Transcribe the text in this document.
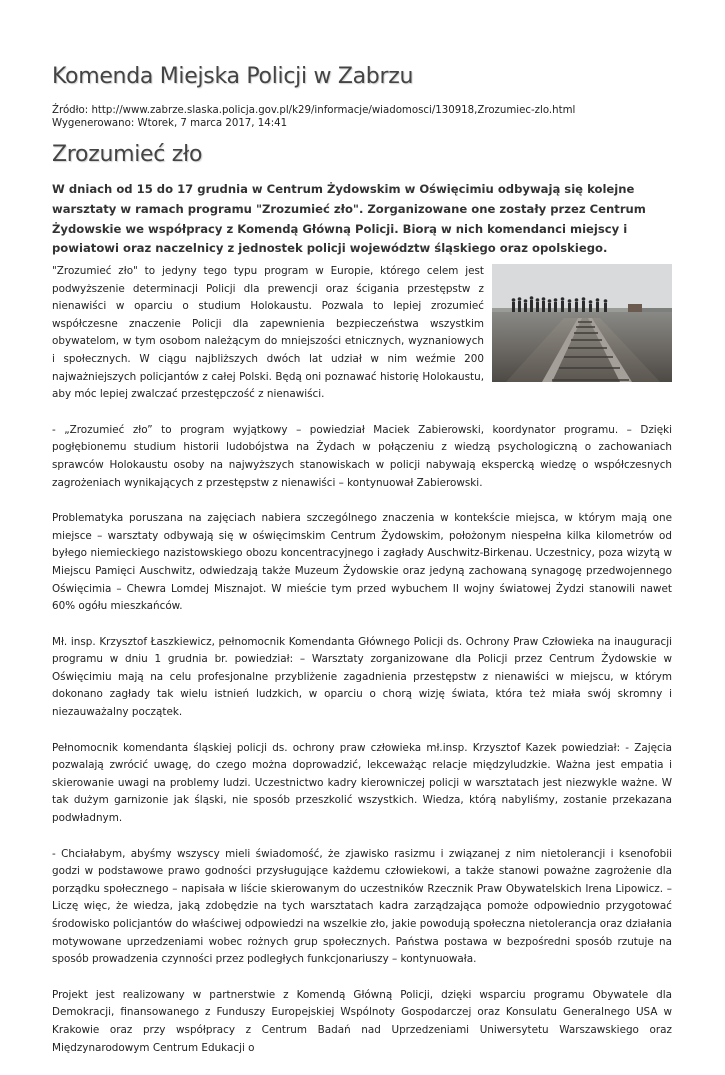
Komenda Miejska Policji w Zabrzu
Źródło: http://www.zabrze.slaska.policja.gov.pl/k29/informacje/wiadomosci/130918,Zrozumiec-zlo.html
Wygenerowano: Wtorek, 7 marca 2017, 14:41
Zrozumieć zło
W dniach od 15 do 17 grudnia w Centrum Żydowskim w Oświęcimiu odbywają się kolejne warsztaty w ramach programu "Zrozumieć zło". Zorganizowane one zostały przez Centrum Żydowskie we współpracy z Komendą Główną Policji. Biorą w nich komendanci miejscy i powiatowi oraz naczelnicy z jednostek policji województw śląskiego oraz opolskiego.

"Zrozumieć zło" to jedyny tego typu program w Europie, którego celem jest podwyższenie determinacji Policji dla prewencji oraz ścigania przestępstw z nienawiści w oparciu o studium Holokaustu. Pozwala to lepiej zrozumieć współczesne znaczenie Policji dla zapewnienia bezpieczeństwa wszystkim obywatelom, w tym osobom należącym do mniejszości etnicznych, wyznaniowych i społecznych. W ciągu najbliższych dwóch lat udział w nim weźmie 200 najważniejszych policjantów z całej Polski. Będą oni poznawać historię Holokaustu, aby móc lepiej zwalczać przestępczość z nienawiści.

- „Zrozumieć zło” to program wyjątkowy – powiedział Maciek Zabierowski, koordynator programu. – Dzięki pogłębionemu studium historii ludobójstwa na Żydach w połączeniu z wiedzą psychologiczną o zachowaniach sprawców Holokaustu osoby na najwyższych stanowiskach w policji nabywają ekspercką wiedzę o współczesnych zagrożeniach wynikających z przestępstw z nienawiści – kontynuował Zabierowski.

Problematyka poruszana na zajęciach nabiera szczególnego znaczenia w kontekście miejsca, w którym mają one miejsce – warsztaty odbywają się w oświęcimskim Centrum Żydowskim, położonym niespełna kilka kilometrów od byłego niemieckiego nazistowskiego obozu koncentracyjnego i zagłady Auschwitz-Birkenau. Uczestnicy, poza wizytą w Miejscu Pamięci Auschwitz, odwiedzają także Muzeum Żydowskie oraz jedyną zachowaną synagogę przedwojennego Oświęcimia – Chewra Lomdej Misznajot. W mieście tym przed wybuchem II wojny światowej Żydzi stanowili nawet 60% ogółu mieszkańców.

Mł. insp. Krzysztof Łaszkiewicz, pełnomocnik Komendanta Głównego Policji ds. Ochrony Praw Człowieka na inauguracji programu w dniu 1 grudnia br. powiedział: – Warsztaty zorganizowane dla Policji przez Centrum Żydowskie w Oświęcimiu mają na celu profesjonalne przybliżenie zagadnienia przestępstw z nienawiści w miejscu, w którym dokonano zagłady tak wielu istnień ludzkich, w oparciu o chorą wizję świata, która też miała swój skromny i niezauważalny początek.

Pełnomocnik komendanta śląskiej policji ds. ochrony praw człowieka mł.insp. Krzysztof Kazek powiedział: - Zajęcia pozwalają zwrócić uwagę, do czego można doprowadzić, lekceważąc relacje międzyludzkie. Ważna jest empatia i skierowanie uwagi na problemy ludzi. Uczestnictwo kadry kierowniczej policji w warsztatach jest niezwykle ważne. W tak dużym garnizonie jak śląski, nie sposób przeszkolić wszystkich. Wiedza, którą nabyliśmy, zostanie przekazana podwładnym.

- Chciałabym, abyśmy wszyscy mieli świadomość, że zjawisko rasizmu i związanej z nim nietolerancji i ksenofobii godzi w podstawowe prawo godności przysługujące każdemu człowiekowi, a także stanowi poważne zagrożenie dla porządku społecznego – napisała w liście skierowanym do uczestników Rzecznik Praw Obywatelskich Irena Lipowicz. – Liczę więc, że wiedza, jaką zdobędzie na tych warsztatach kadra zarządzająca pomoże odpowiednio przygotować środowisko policjantów do właściwej odpowiedzi na wszelkie zło, jakie powodują społeczna nietolerancja oraz działania motywowane uprzedzeniami wobec rożnych grup społecznych. Państwa postawa w bezpośredni sposób rzutuje na sposób prowadzenia czynności przez podległych funkcjonariuszy – kontynuowała.

Projekt jest realizowany w partnerstwie z Komendą Główną Policji, dzięki wsparciu programu Obywatele dla Demokracji, finansowanego z Funduszy Europejskiej Wspólnoty Gospodarczej oraz Konsulatu Generalnego USA w Krakowie oraz przy współpracy z Centrum Badań nad Uprzedzeniami Uniwersytetu Warszawskiego oraz Międzynarodowym Centrum Edukacji o
